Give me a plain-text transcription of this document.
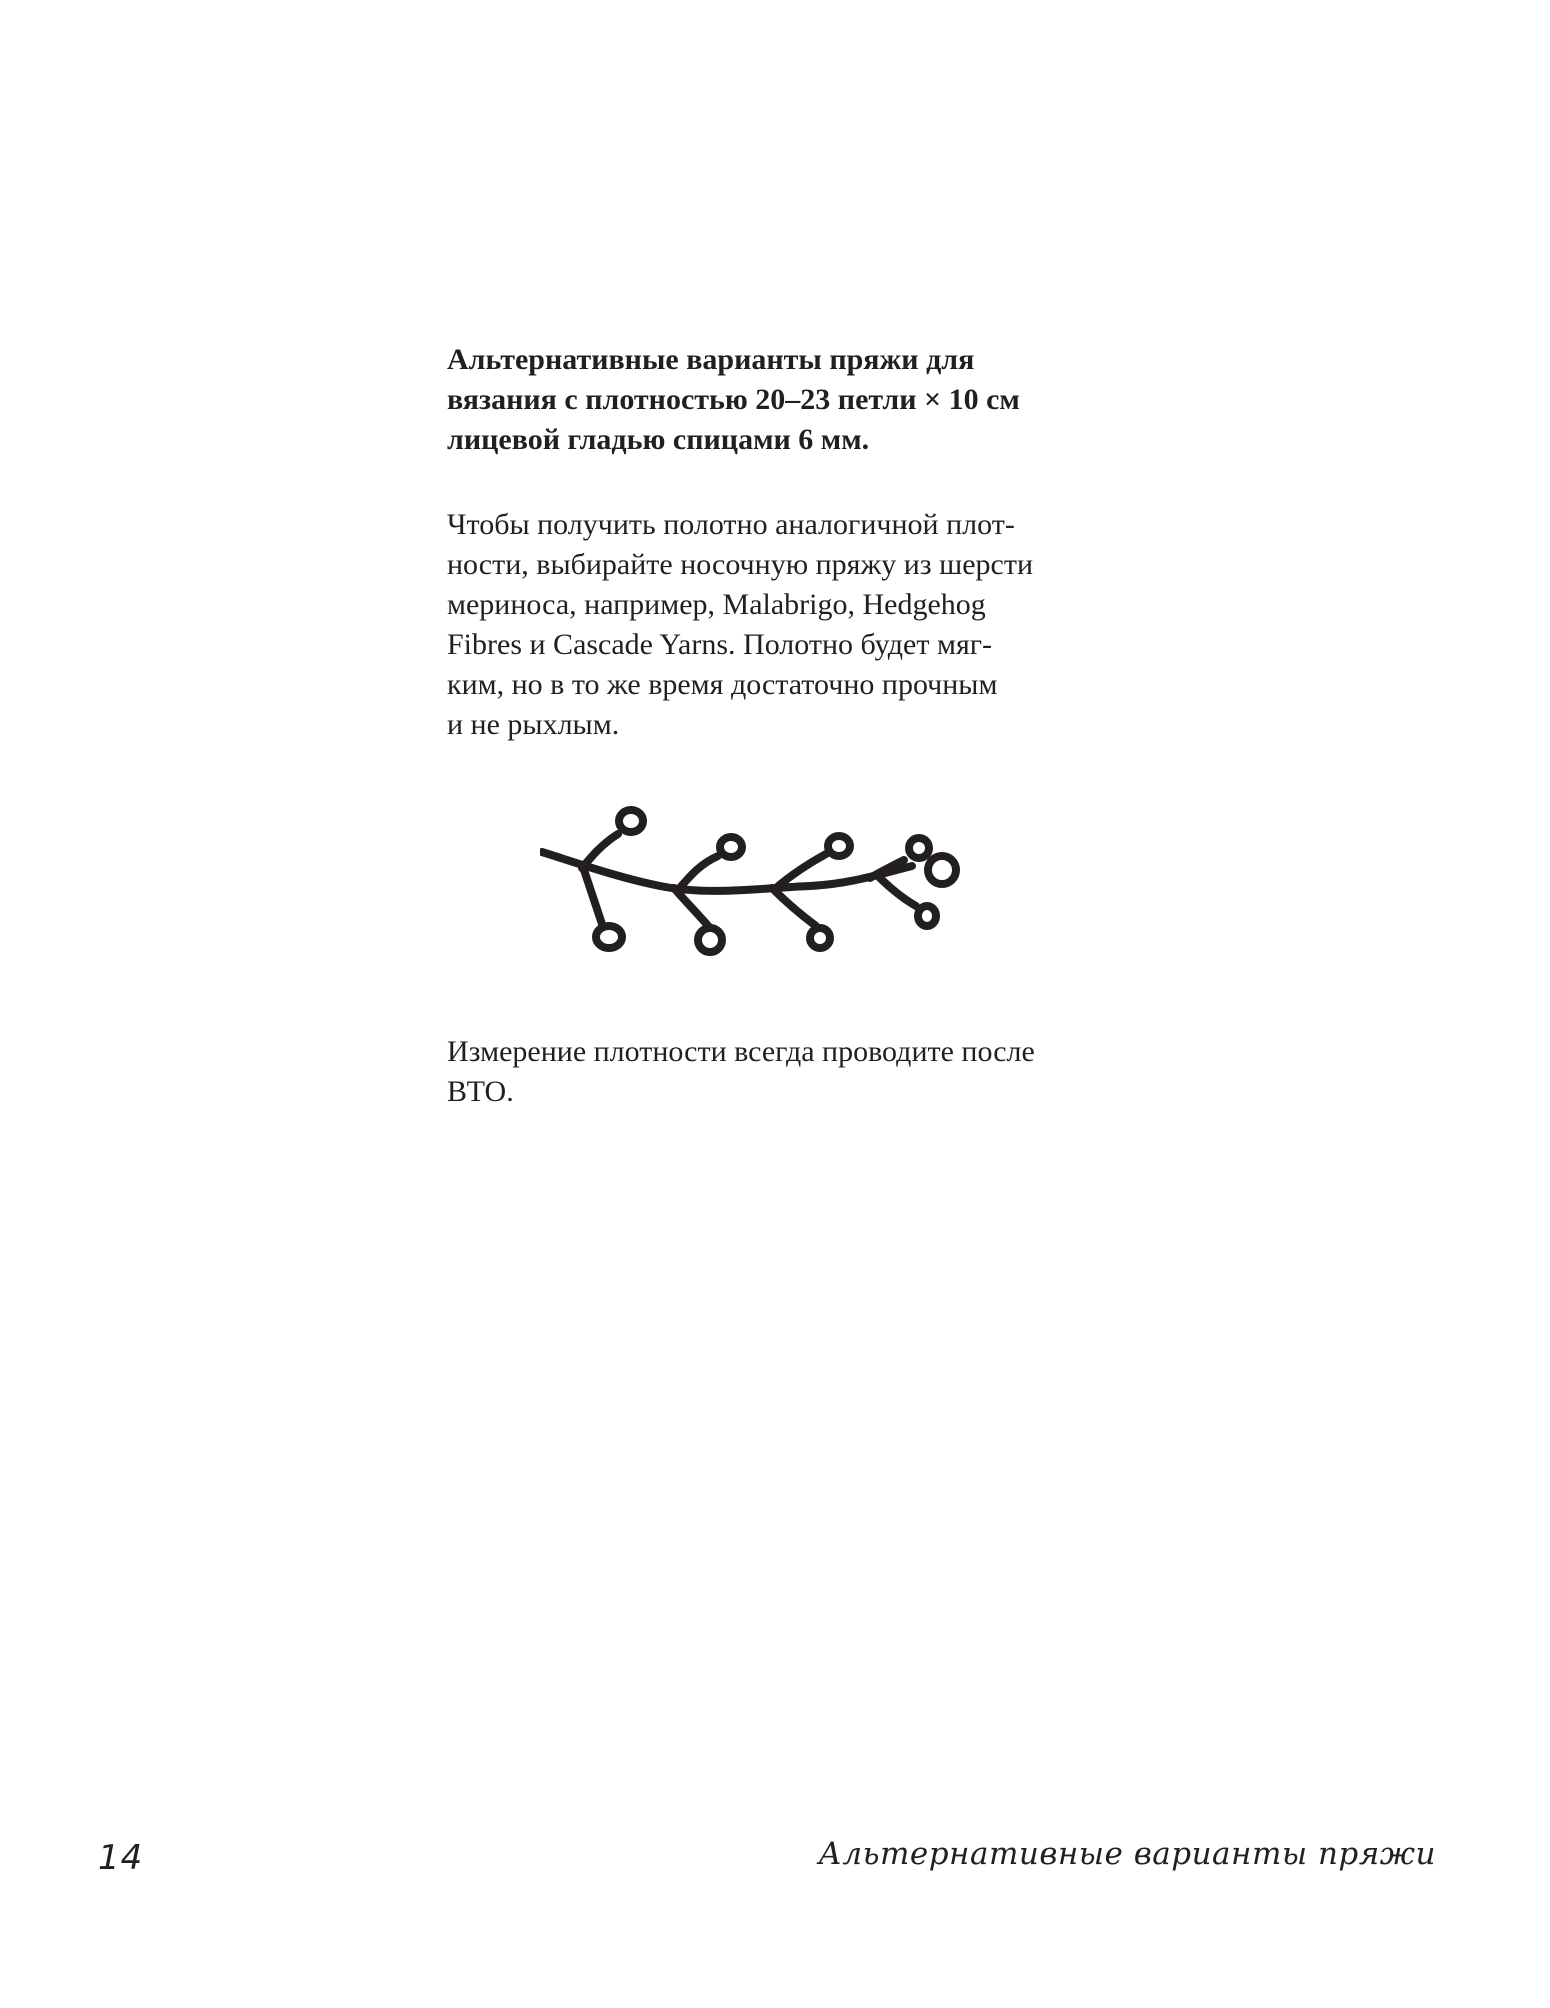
Альтернативные варианты пряжи для
вязания с плотностью 20–23 петли × 10 см
лицевой гладью спицами 6 мм.

Чтобы получить полотно аналогичной плот-
ности, выбирайте носочную пряжу из шерсти
мериноса, например, Malabrigo, Hedgehog
Fibres и Cascade Yarns. Полотно будет мяг-
ким, но в то же время достаточно прочным
и не рыхлым.

Измерение плотности всегда проводите после
ВТО.

14	Альтернативные варианты пряжи
